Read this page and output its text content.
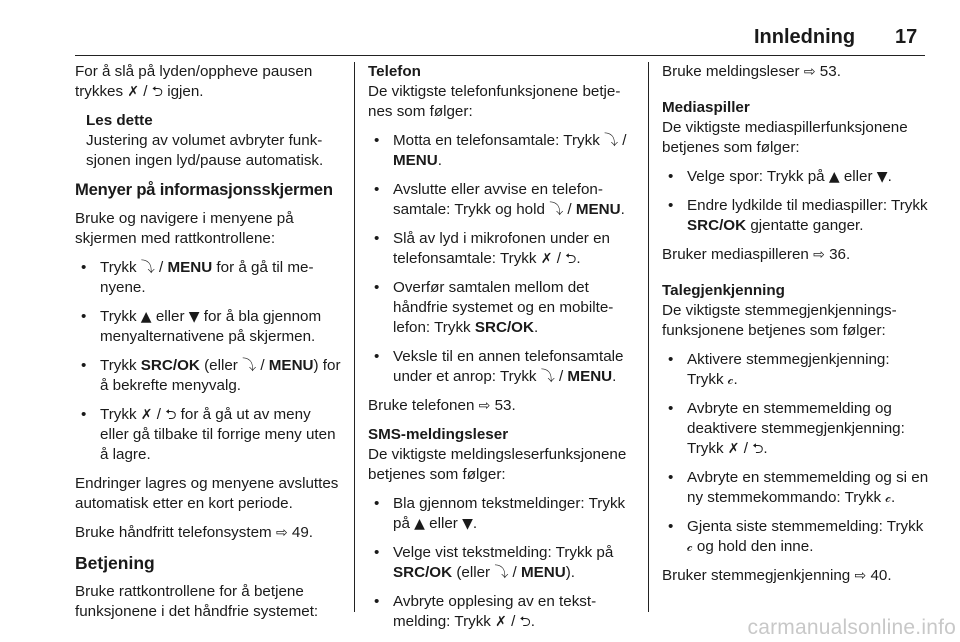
Innledning 17

For å slå på lyden/oppheve pausen trykkes ✗ / ⮌ igjen.

Les dette
Justering av volumet avbryter funksjonen ingen lyd/pause automatisk.
Menyer på informasjonsskjermen

Bruke og navigere i menyene på skjermen med rattkontrollene:

• Trykk ⤵ / MENU for å gå til menyene.
• Trykk ▲ eller ▼ for å bla gjennom menyalternativene på skjermen.
• Trykk SRC/OK (eller ⤵ / MENU) for å bekrefte menyvalg.
• Trykk ✗ / ⮌ for å gå ut av meny eller gå tilbake til forrige meny uten å lagre.

Endringer lagres og menyene avsluttes automatisk etter en kort periode.

Bruke håndfritt telefonsystem ⇨ 49.

Betjening

Bruke rattkontrollene for å betjene funksjonene i det håndfrie systemet:

Telefon

De viktigste telefonfunksjonene betjenes som følger:

• Motta en telefonsamtale: Trykk ⤵ / MENU.
• Avslutte eller avvise en telefonsamtale: Trykk og hold ⤵ / MENU.
• Slå av lyd i mikrofonen under en telefonsamtale: Trykk ✗ / ⮌.
• Overfør samtalen mellom det håndfrie systemet og en mobiltelefon: Trykk SRC/OK.
• Veksle til en annen telefonsamtale under et anrop: Trykk ⤵ / MENU.

Bruke telefonen ⇨ 53.

SMS-meldingsleser

De viktigste meldingsleserfunksjonene betjenes som følger:

• Bla gjennom tekstmeldinger: Trykk på ▲ eller ▼.
• Velge vist tekstmelding: Trykk på SRC/OK (eller ⤵ / MENU).
• Avbryte opplesing av en tekstmelding: Trykk ✗ / ⮌.

Bruke meldingsleser ⇨ 53.

Mediaspiller

De viktigste mediaspillerfunksjonene betjenes som følger:

• Velge spor: Trykk på ▲ eller ▼.
• Endre lydkilde til mediaspiller: Trykk SRC/OK gjentatte ganger.

Bruker mediaspilleren ⇨ 36.

Talegjenkjenning

De viktigste stemmegjenkjenningsfunksjonene betjenes som følger:

• Aktivere stemmegjenkjenning: Trykk 𝒸.
• Avbryte en stemmemelding og deaktivere stemmegjenkjenning: Trykk ✗ / ⮌.
• Avbryte en stemmemelding og si en ny stemmekommando: Trykk 𝒸.
• Gjenta siste stemmemelding: Trykk 𝒸 og hold den inne.

Bruker stemmegjenkjenning ⇨ 40.

carmanualsonline.info
